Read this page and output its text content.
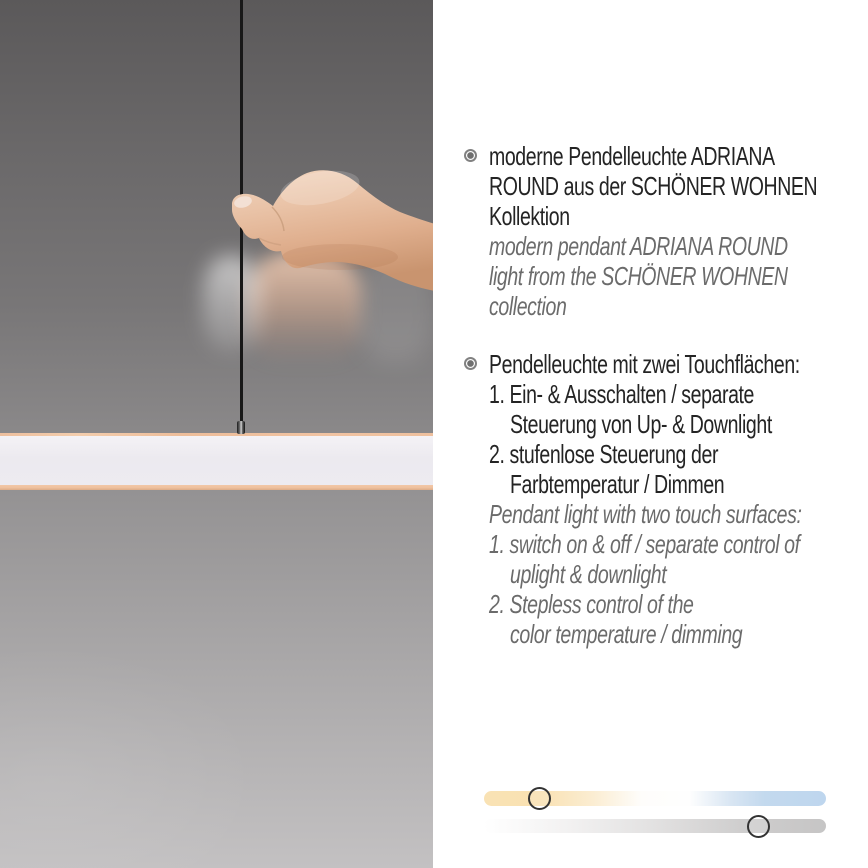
moderne Pendelleuchte ADRIANA
ROUND aus der SCHÖNER WOHNEN
Kollektion
modern pendant ADRIANA ROUND
light from the SCHÖNER WOHNEN
collection
Pendelleuchte mit zwei Touchflächen:
1. Ein- & Ausschalten / separate
Steuerung von Up- & Downlight
2. stufenlose Steuerung der
Farbtemperatur / Dimmen
Pendant light with two touch surfaces:
1. switch on & off / separate control of
uplight & downlight
2. Stepless control of the
color temperature / dimming
